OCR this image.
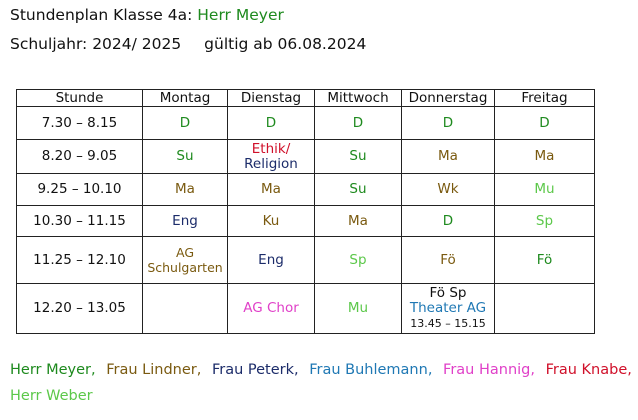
Stundenplan Klasse 4a: Herr Meyer
Schuljahr: 2024/ 2025 gültig ab 06.08.2024
Stunde	Montag	Dienstag	Mittwoch	Donnerstag	Freitag
7.30 – 8.15	D	D	D	D	D
8.20 – 9.05	Su	Ethik/
Religion	Su	Ma	Ma
9.25 – 10.10	Ma	Ma	Su	Wk	Mu
10.30 – 11.15	Eng	Ku	Ma	D	Sp
11.25 – 12.10	AG
Schulgarten	Eng	Sp	Fö	Fö
12.20 – 13.05		AG Chor	Mu	Fö Sp
Theater AG
13.45 – 15.15	

Herr Meyer, Frau Lindner, Frau Peterk, Frau Buhlemann, Frau Hannig, Frau Knabe,
Herr Weber
